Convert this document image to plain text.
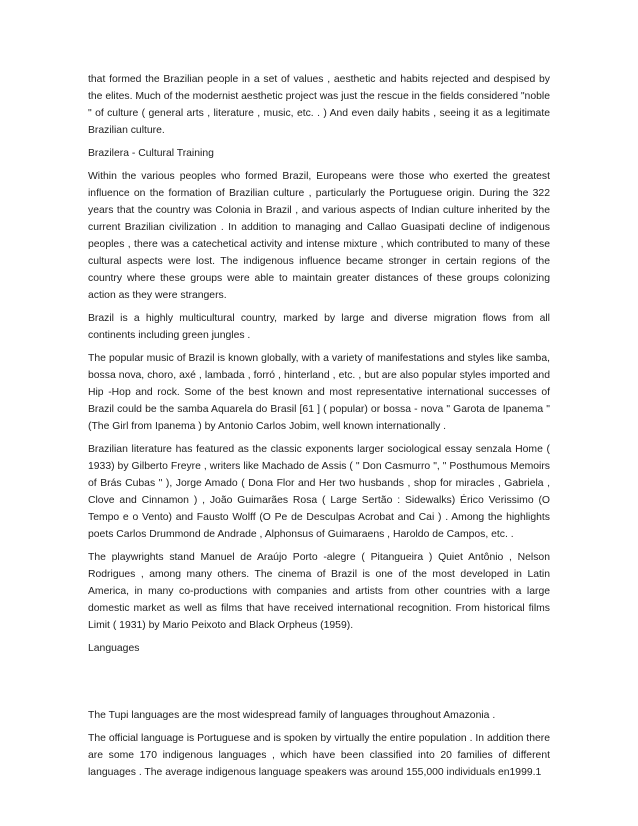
that formed the Brazilian people in a set of values , aesthetic and habits rejected and despised by the elites. Much of the modernist aesthetic project was just the rescue in the fields considered "noble " of culture ( general arts , literature , music, etc. . ) And even daily habits , seeing it as a legitimate Brazilian culture.

Brazilera - Cultural Training

Within the various peoples who formed Brazil, Europeans were those who exerted the greatest influence on the formation of Brazilian culture , particularly the Portuguese origin. During the 322 years that the country was Colonia in Brazil , and various aspects of Indian culture inherited by the current Brazilian civilization . In addition to managing and Callao Guasipati decline of indigenous peoples , there was a catechetical activity and intense mixture , which contributed to many of these cultural aspects were lost. The indigenous influence became stronger in certain regions of the country where these groups were able to maintain greater distances of these groups colonizing action as they were strangers.

Brazil is a highly multicultural country, marked by large and diverse migration flows from all continents including green jungles .

The popular music of Brazil is known globally, with a variety of manifestations and styles like samba, bossa nova, choro, axé , lambada , forró , hinterland , etc. , but are also popular styles imported and Hip -Hop and rock. Some of the best known and most representative international successes of Brazil could be the samba Aquarela do Brasil [61 ] ( popular) or bossa - nova " Garota de Ipanema " (The Girl from Ipanema ) by Antonio Carlos Jobim, well known internationally .

Brazilian literature has featured as the classic exponents larger sociological essay senzala Home ( 1933) by Gilberto Freyre , writers like Machado de Assis ( " Don Casmurro ", " Posthumous Memoirs of Brás Cubas " ), Jorge Amado ( Dona Flor and Her two husbands , shop for miracles , Gabriela , Clove and Cinnamon ) , João Guimarães Rosa ( Large Sertão : Sidewalks) Érico Verissimo (O Tempo e o Vento) and Fausto Wolff (O Pe de Desculpas Acrobat and Cai ) . Among the highlights poets Carlos Drummond de Andrade , Alphonsus of Guimaraens , Haroldo de Campos, etc. .

The playwrights stand Manuel de Araújo Porto -alegre ( Pitangueira ) Quiet Antônio , Nelson Rodrigues , among many others. The cinema of Brazil is one of the most developed in Latin America, in many co-productions with companies and artists from other countries with a large domestic market as well as films that have received international recognition. From historical films Limit ( 1931) by Mario Peixoto and Black Orpheus (1959).

Languages

The Tupi languages are the most widespread family of languages throughout Amazonia .

The official language is Portuguese and is spoken by virtually the entire population . In addition there are some 170 indigenous languages , which have been classified into 20 families of different languages . The average indigenous language speakers was around 155,000 individuals en1999.1
